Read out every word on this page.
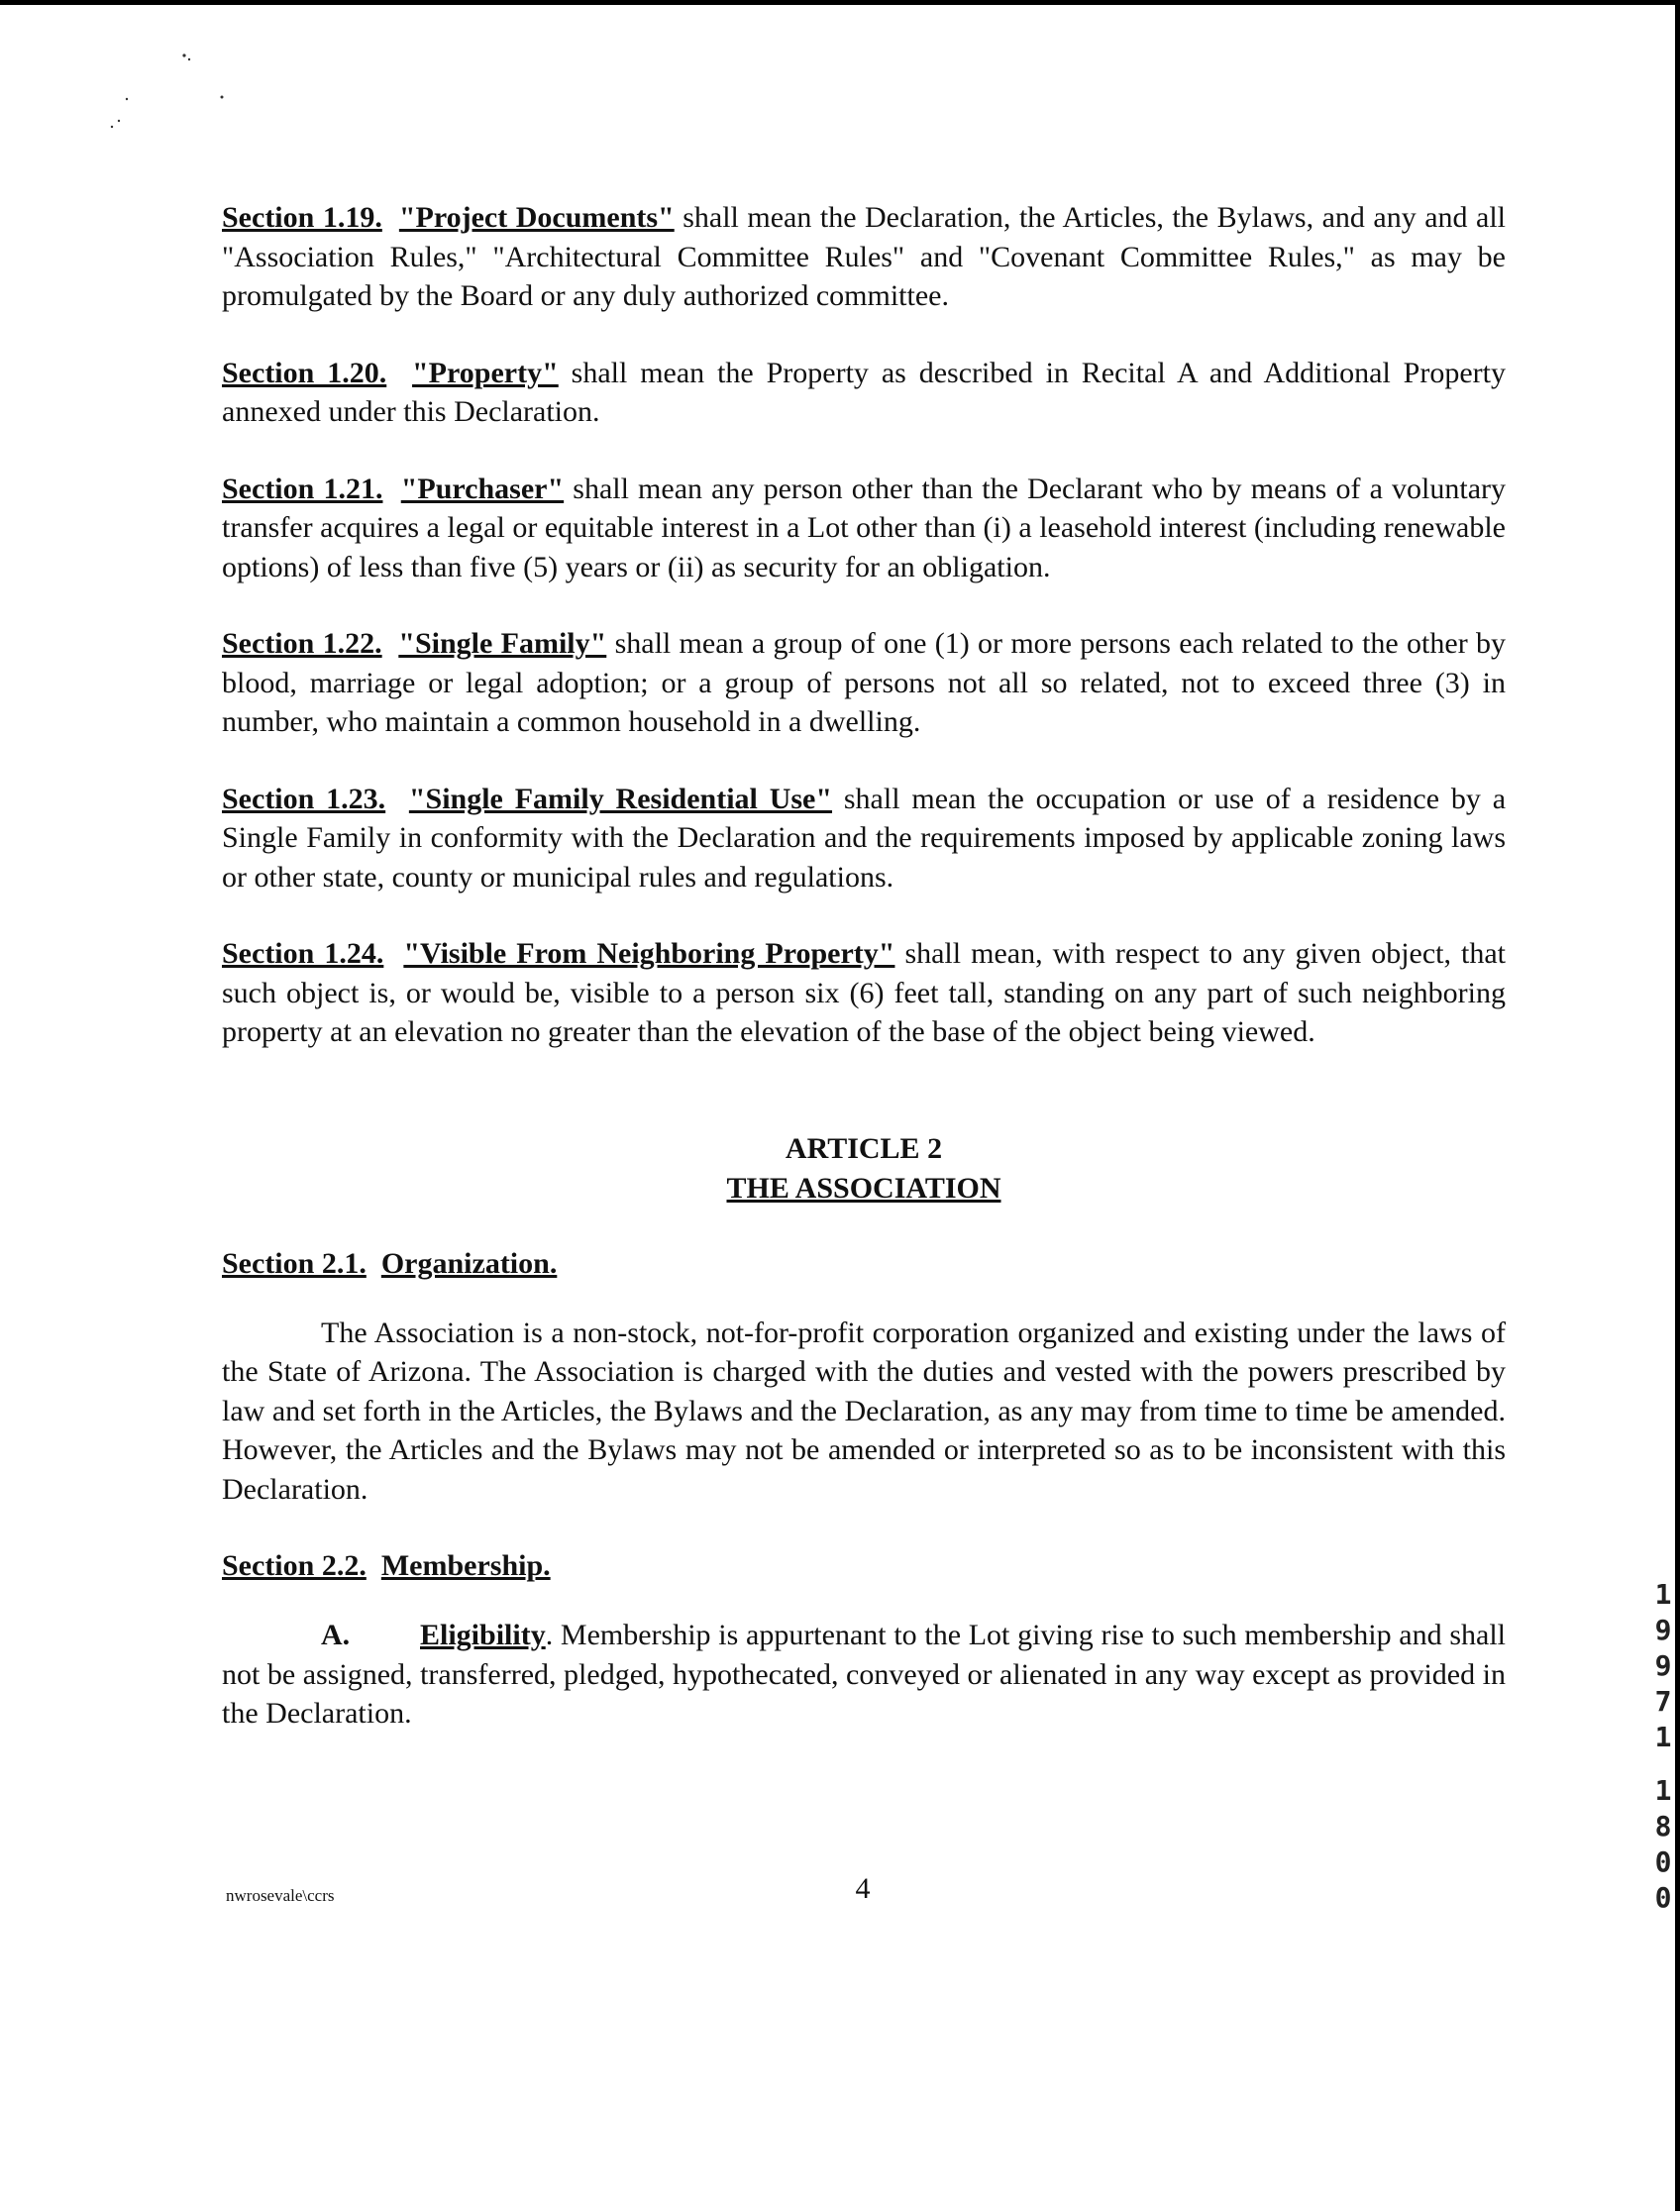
Section 1.19. "Project Documents" shall mean the Declaration, the Articles, the Bylaws, and any and all "Association Rules," "Architectural Committee Rules" and "Covenant Committee Rules," as may be promulgated by the Board or any duly authorized committee.

Section 1.20. "Property" shall mean the Property as described in Recital A and Additional Property annexed under this Declaration.

Section 1.21. "Purchaser" shall mean any person other than the Declarant who by means of a voluntary transfer acquires a legal or equitable interest in a Lot other than (i) a leasehold interest (including renewable options) of less than five (5) years or (ii) as security for an obligation.

Section 1.22. "Single Family" shall mean a group of one (1) or more persons each related to the other by blood, marriage or legal adoption; or a group of persons not all so related, not to exceed three (3) in number, who maintain a common household in a dwelling.

Section 1.23. "Single Family Residential Use" shall mean the occupation or use of a residence by a Single Family in conformity with the Declaration and the requirements imposed by applicable zoning laws or other state, county or municipal rules and regulations.

Section 1.24. "Visible From Neighboring Property" shall mean, with respect to any given object, that such object is, or would be, visible to a person six (6) feet tall, standing on any part of such neighboring property at an elevation no greater than the elevation of the base of the object being viewed.

ARTICLE 2
THE ASSOCIATION
Section 2.1. Organization.

The Association is a non-stock, not-for-profit corporation organized and existing under the laws of the State of Arizona. The Association is charged with the duties and vested with the powers prescribed by law and set forth in the Articles, the Bylaws and the Declaration, as any may from time to time be amended. However, the Articles and the Bylaws may not be amended or interpreted so as to be inconsistent with this Declaration.

Section 2.2. Membership.

A. Eligibility. Membership is appurtenant to the Lot giving rise to such membership and shall not be assigned, transferred, pledged, hypothecated, conveyed or alienated in any way except as provided in the Declaration.

nwrosevale\ccrs	4
1
9
9
7
1
1
8
0
0
